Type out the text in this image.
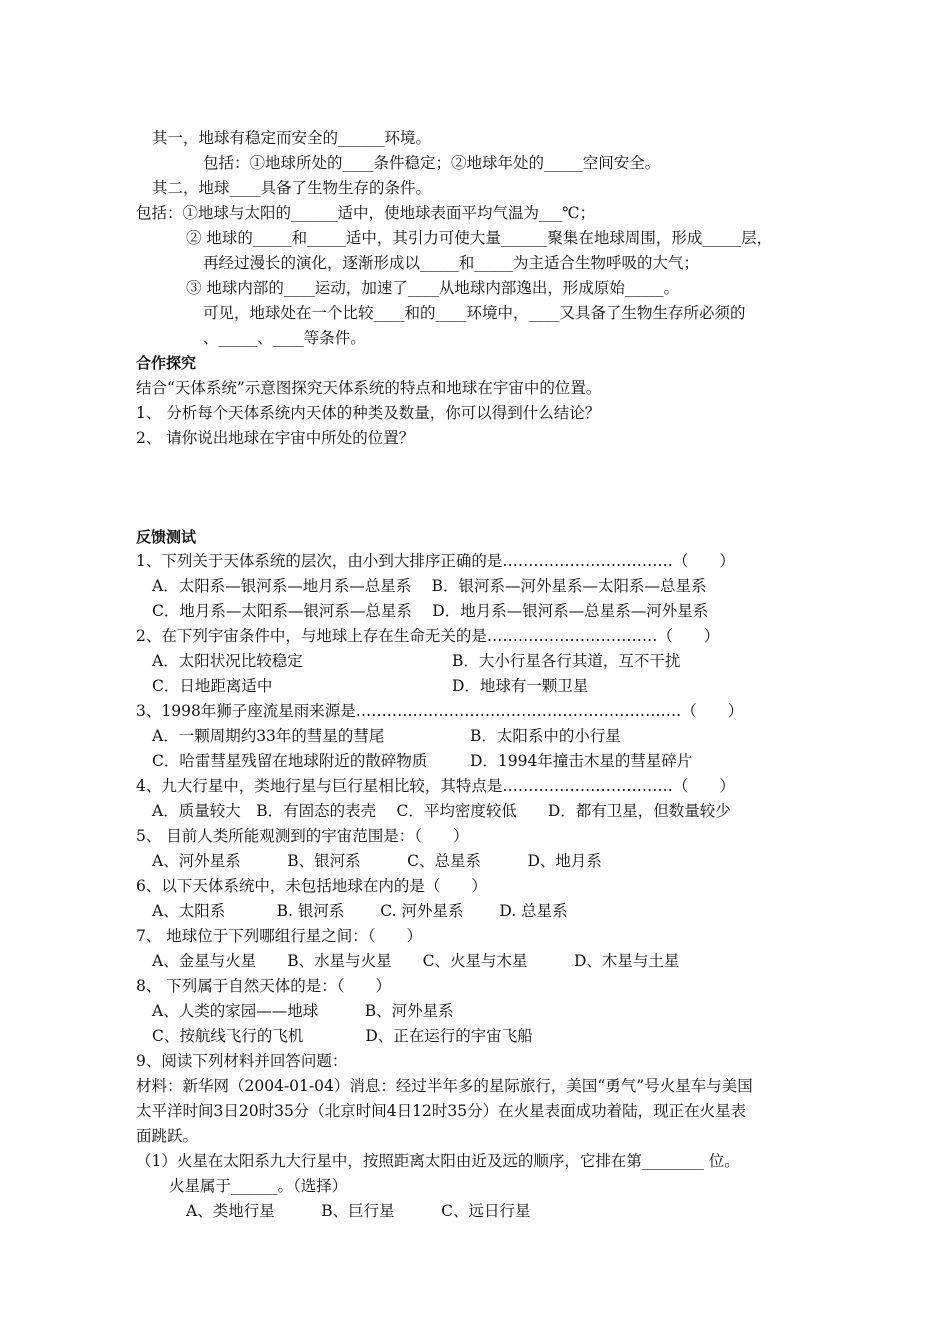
其一，地球有稳定而安全的______环境。
包括：①地球所处的____条件稳定；②地球年处的_____空间安全。
其二，地球____具备了生物生存的条件。
包括：①地球与太阳的______适中，使地球表面平均气温为___℃；
② 地球的_____和_____适中，其引力可使大量______聚集在地球周围，形成_____层，
再经过漫长的演化，逐渐形成以_____和_____为主适合生物呼吸的大气；
③ 地球内部的____运动，加速了____从地球内部逸出，形成原始_____。
可见，地球处在一个比较____和的____环境中，____又具备了生物生存所必须的
、_____、____等条件。
合作探究
结合“天体系统”示意图探究天体系统的特点和地球在宇宙中的位置。
1、 分析每个天体系统内天体的种类及数量，你可以得到什么结论？
2、 请你说出地球在宇宙中所处的位置？
反馈测试
1、下列关于天体系统的层次，由小到大排序正确的是……………………………（　　）
A．太阳系—银河系—地月系—总星系　 B．银河系—河外星系—太阳系—总星系
C．地月系—太阳系—银河系—总星系　 D．地月系—银河系—总星系—河外星系
2、在下列宇宙条件中，与地球上存在生命无关的是……………………………（　　）
A．太阳状况比较稳定	B．大小行星各行其道，互不干扰
C．日地距离适中	D．地球有一颗卫星
3、1998年狮子座流星雨来源是………………………………………………………（　　）
A．一颗周期约33年的彗星的彗尾	B．太阳系中的小行星
C．哈雷彗星残留在地球附近的散碎物质	D．1994年撞击木星的彗星碎片
4、九大行星中，类地行星与巨行星相比较，其特点是……………………………（　　）
A．质量较大　B．有固态的表壳　 C．平均密度较低　　D．都有卫星，但数量较少
5、 目前人类所能观测到的宇宙范围是：（　　）
A、河外星系　　　B、银河系　　　C、总星系　　　D、地月系
6、以下天体系统中，未包括地球在内的是（　　）
A、太阳系　　　 B. 银河系　　 C. 河外星系　　 D. 总星系
7、 地球位于下列哪组行星之间：（　　）
A、金星与火星　　B、水星与火星　　C、火星与木星　　　D、木星与土星
8、 下列属于自然天体的是：（　　）
A、人类的家园——地球　　　B、河外星系
C、按航线飞行的飞机　　　　D、正在运行的宇宙飞船
9、阅读下列材料并回答问题：
材料：新华网（2004-01-04）消息：经过半年多的星际旅行，美国“勇气”号火星车与美国
太平洋时间3日20时35分（北京时间4日12时35分）在火星表面成功着陆，现正在火星表
面跳跃。
（1）火星在太阳系九大行星中，按照距离太阳由近及远的顺序，它排在第________ 位。
火星属于______。（选择）
A、类地行星　　　B、巨行星　　　C、远日行星
